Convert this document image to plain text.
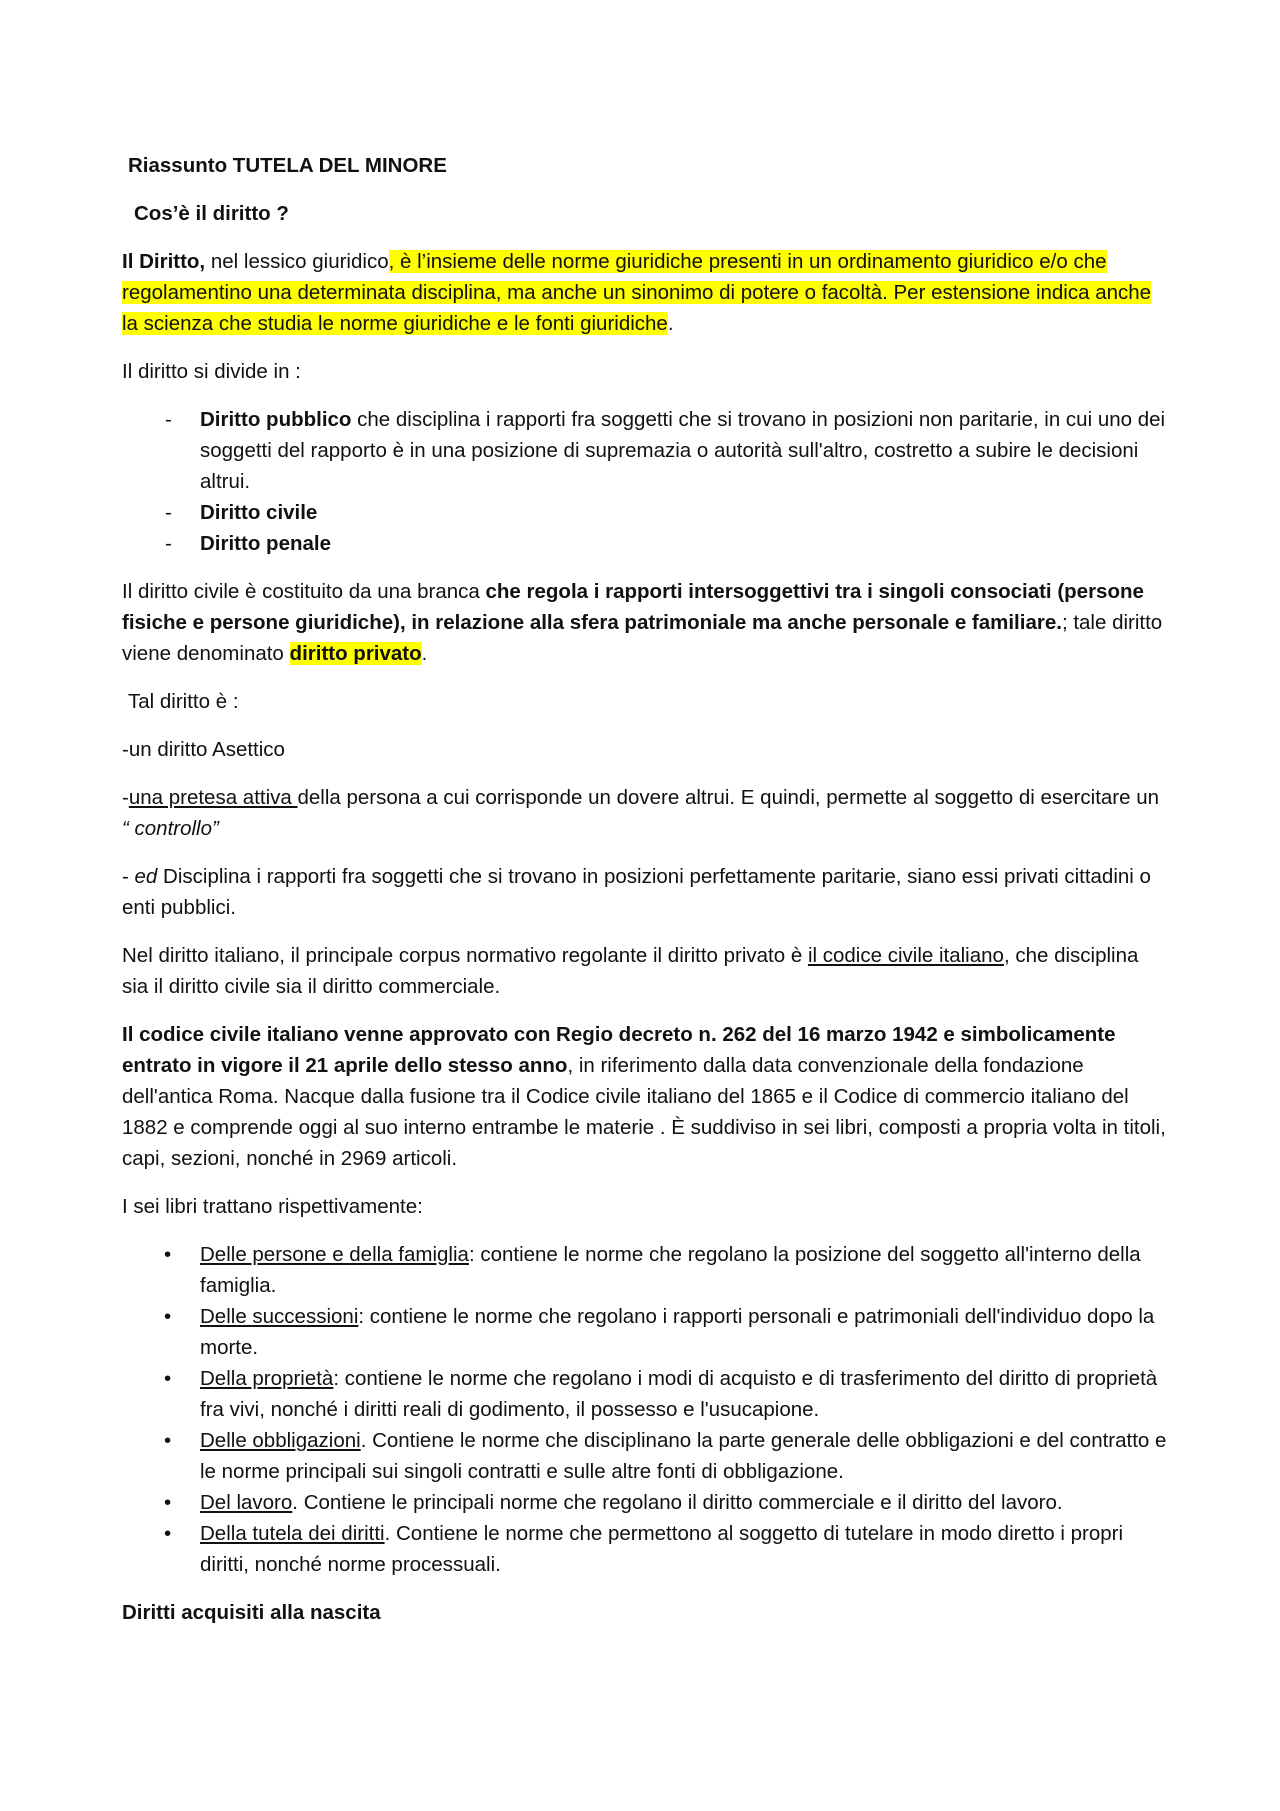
Riassunto TUTELA DEL MINORE

Cos’è il diritto ?

Il Diritto, nel lessico giuridico, è l’insieme delle norme giuridiche presenti in un ordinamento giuridico e/o che regolamentino una determinata disciplina, ma anche un sinonimo di potere o facoltà. Per estensione indica anche la scienza che studia le norme giuridiche e le fonti giuridiche.

Il diritto si divide in :

- Diritto pubblico che disciplina i rapporti fra soggetti che si trovano in posizioni non paritarie, in cui uno dei soggetti del rapporto è in una posizione di supremazia o autorità sull'altro, costretto a subire le decisioni altrui.
- Diritto civile
- Diritto penale

Il diritto civile è costituito da una branca che regola i rapporti intersoggettivi tra i singoli consociati (persone fisiche e persone giuridiche), in relazione alla sfera patrimoniale ma anche personale e familiare.; tale diritto viene denominato diritto privato.

Tal diritto è :

-un diritto Asettico

-una pretesa attiva della persona a cui corrisponde un dovere altrui. E quindi, permette al soggetto di esercitare un “ controllo”

- ed Disciplina i rapporti fra soggetti che si trovano in posizioni perfettamente paritarie, siano essi privati cittadini o enti pubblici.

Nel diritto italiano, il principale corpus normativo regolante il diritto privato è il codice civile italiano, che disciplina sia il diritto civile sia il diritto commerciale.

Il codice civile italiano venne approvato con Regio decreto n. 262 del 16 marzo 1942 e simbolicamente entrato in vigore il 21 aprile dello stesso anno, in riferimento dalla data convenzionale della fondazione dell'antica Roma. Nacque dalla fusione tra il Codice civile italiano del 1865 e il Codice di commercio italiano del 1882 e comprende oggi al suo interno entrambe le materie . È suddiviso in sei libri, composti a propria volta in titoli, capi, sezioni, nonché in 2969 articoli.

I sei libri trattano rispettivamente:

• Delle persone e della famiglia: contiene le norme che regolano la posizione del soggetto all'interno della famiglia.
• Delle successioni: contiene le norme che regolano i rapporti personali e patrimoniali dell'individuo dopo la morte.
• Della proprietà: contiene le norme che regolano i modi di acquisto e di trasferimento del diritto di proprietà fra vivi, nonché i diritti reali di godimento, il possesso e l'usucapione.
• Delle obbligazioni. Contiene le norme che disciplinano la parte generale delle obbligazioni e del contratto e le norme principali sui singoli contratti e sulle altre fonti di obbligazione.
• Del lavoro. Contiene le principali norme che regolano il diritto commerciale e il diritto del lavoro.
• Della tutela dei diritti. Contiene le norme che permettono al soggetto di tutelare in modo diretto i propri diritti, nonché norme processuali.

Diritti acquisiti alla nascita
